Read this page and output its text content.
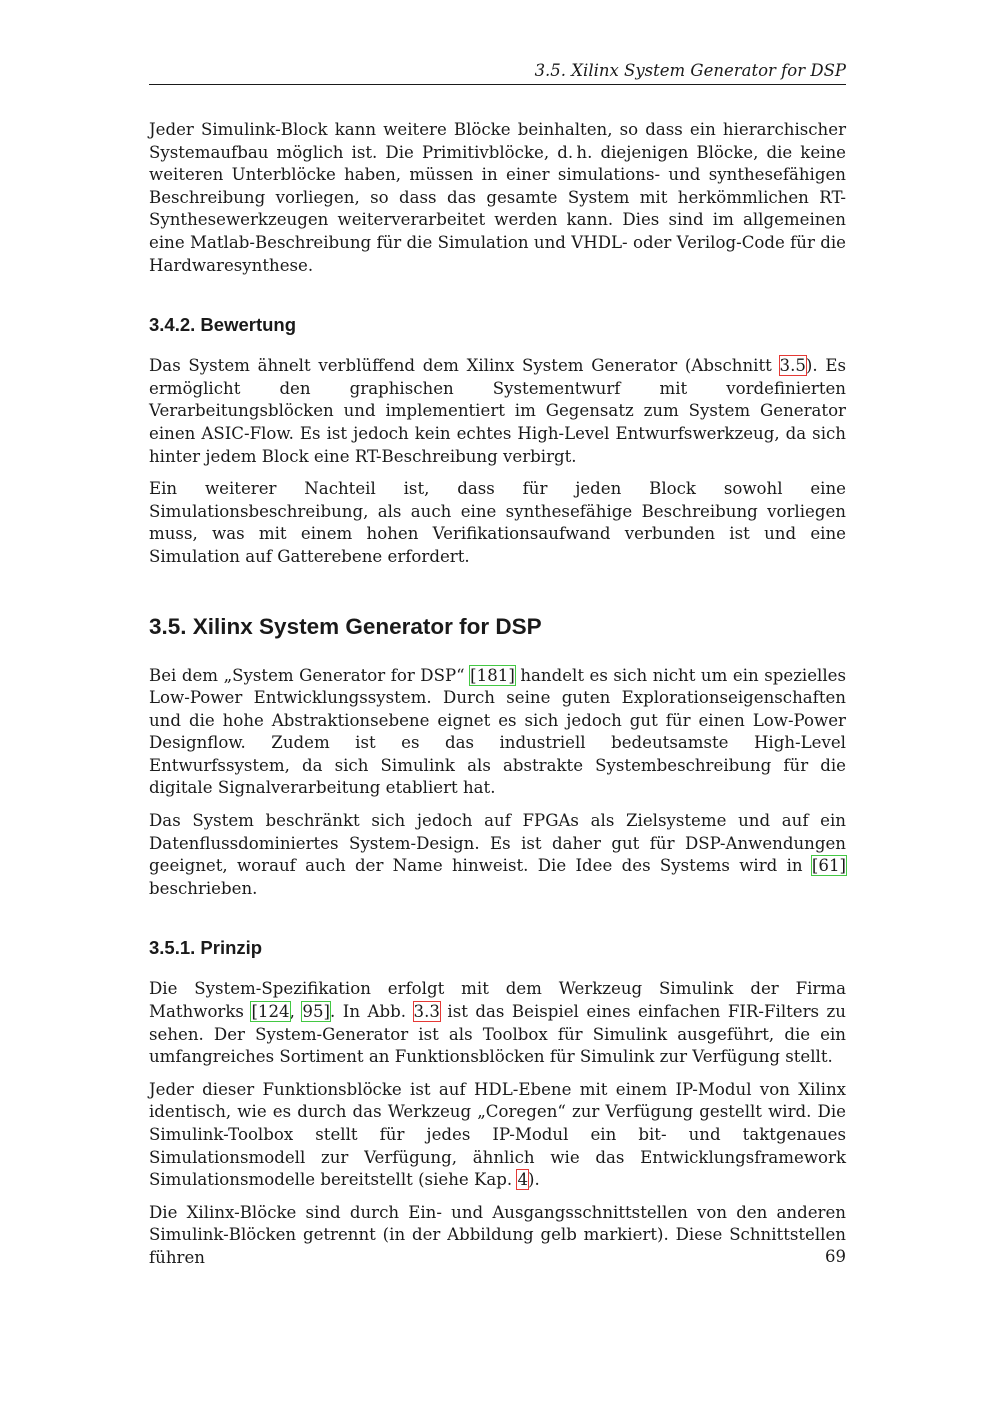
3.5. Xilinx System Generator for DSP

Jeder Simulink-Block kann weitere Blöcke beinhalten, so dass ein hierarchischer Systemaufbau möglich ist. Die Primitivblöcke, d. h. diejenigen Blöcke, die keine weiteren Unterblöcke haben, müssen in einer simulations- und synthesefähigen Beschreibung vorliegen, so dass das gesamte System mit herkömmlichen RT-Synthesewerkzeugen weiterverarbeitet werden kann. Dies sind im allgemeinen eine Matlab-Beschreibung für die Simulation und VHDL- oder Verilog-Code für die Hardwaresynthese.

3.4.2. Bewertung

Das System ähnelt verblüffend dem Xilinx System Generator (Abschnitt 3.5). Es ermöglicht den graphischen Systementwurf mit vordefinierten Verarbeitungsblöcken und implementiert im Gegensatz zum System Generator einen ASIC-Flow. Es ist jedoch kein echtes High-Level Entwurfswerkzeug, da sich hinter jedem Block eine RT-Beschreibung verbirgt.

Ein weiterer Nachteil ist, dass für jeden Block sowohl eine Simulationsbeschreibung, als auch eine synthesefähige Beschreibung vorliegen muss, was mit einem hohen Verifikationsaufwand verbunden ist und eine Simulation auf Gatterebene erfordert.

3.5. Xilinx System Generator for DSP

Bei dem „System Generator for DSP“ [181] handelt es sich nicht um ein spezielles Low-Power Entwicklungssystem. Durch seine guten Explorationseigenschaften und die hohe Abstraktionsebene eignet es sich jedoch gut für einen Low-Power Designflow. Zudem ist es das industriell bedeutsamste High-Level Entwurfssystem, da sich Simulink als abstrakte Systembeschreibung für die digitale Signalverarbeitung etabliert hat.

Das System beschränkt sich jedoch auf FPGAs als Zielsysteme und auf ein Datenflussdominiertes System-Design. Es ist daher gut für DSP-Anwendungen geeignet, worauf auch der Name hinweist. Die Idee des Systems wird in [61] beschrieben.

3.5.1. Prinzip

Die System-Spezifikation erfolgt mit dem Werkzeug Simulink der Firma Mathworks [124, 95]. In Abb. 3.3 ist das Beispiel eines einfachen FIR-Filters zu sehen. Der System-Generator ist als Toolbox für Simulink ausgeführt, die ein umfangreiches Sortiment an Funktionsblöcken für Simulink zur Verfügung stellt.

Jeder dieser Funktionsblöcke ist auf HDL-Ebene mit einem IP-Modul von Xilinx identisch, wie es durch das Werkzeug „Coregen“ zur Verfügung gestellt wird. Die Simulink-Toolbox stellt für jedes IP-Modul ein bit- und taktgenaues Simulationsmodell zur Verfügung, ähnlich wie das Entwicklungsframework Simulationsmodelle bereitstellt (siehe Kap. 4).

Die Xilinx-Blöcke sind durch Ein- und Ausgangsschnittstellen von den anderen Simulink-Blöcken getrennt (in der Abbildung gelb markiert). Diese Schnittstellen führen	69
